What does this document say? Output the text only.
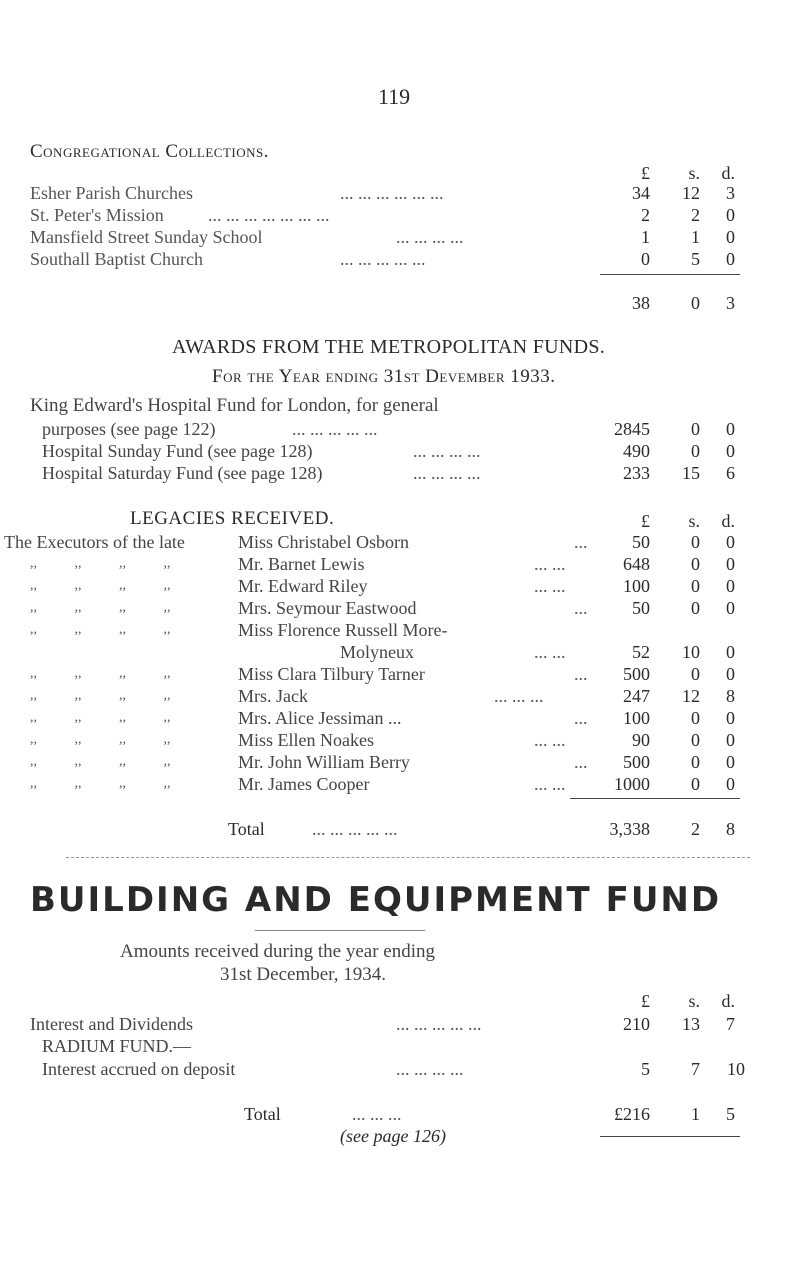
119
Congregational Collections.
£	s.	d.
Esher Parish Churches	... ... ... ... ... ...	34	12	3
St. Peter's Mission ... ... ... ... ... ... ...	2	2	0
Mansfield Street Sunday School	... ... ... ...	1	1	0
Southall Baptist Church	... ... ... ... ...	0	5	0
38	0	3
AWARDS FROM THE METROPOLITAN FUNDS.
For the Year ending 31st Devember 1933.
King Edward's Hospital Fund for London, for general
purposes (see page 122)	... ... ... ... ...	2845	0	0
Hospital Sunday Fund (see page 128)	... ... ... ...	490	0	0
Hospital Saturday Fund (see page 128)	... ... ... ...	233	15	6
LEGACIES RECEIVED.	£	s.	d.
The Executors of the late	Miss Christabel Osborn	...	50	0	0
,, ,, ,, ,,	Mr. Barnet Lewis	... ...	648	0	0
,, ,, ,, ,,	Mr. Edward Riley	... ...	100	0	0
,, ,, ,, ,,	Mrs. Seymour Eastwood	...	50	0	0
,, ,, ,, ,,	Miss Florence Russell More-
Molyneux	... ...	52	10	0
,, ,, ,, ,,	Miss Clara Tilbury Tarner	...	500	0	0
,, ,, ,, ,,	Mrs. Jack	... ... ...	247	12	8
,, ,, ,, ,,	Mrs. Alice Jessiman ...	...	100	0	0
,, ,, ,, ,,	Miss Ellen Noakes	... ...	90	0	0
,, ,, ,, ,,	Mr. John William Berry	...	500	0	0
,, ,, ,, ,,	Mr. James Cooper	... ...	1000	0	0
Total	... ... ... ... ...	3,338	2	8
BUILDING AND EQUIPMENT FUND
Amounts received during the year ending
31st December, 1934.
£	s.	d.
Interest and Dividends	... ... ... ... ...	210	13	7
RADIUM FUND.—
Interest accrued on deposit	... ... ... ...	5	7	10
Total	... ... ...	£216	1	5
(see page 126)
